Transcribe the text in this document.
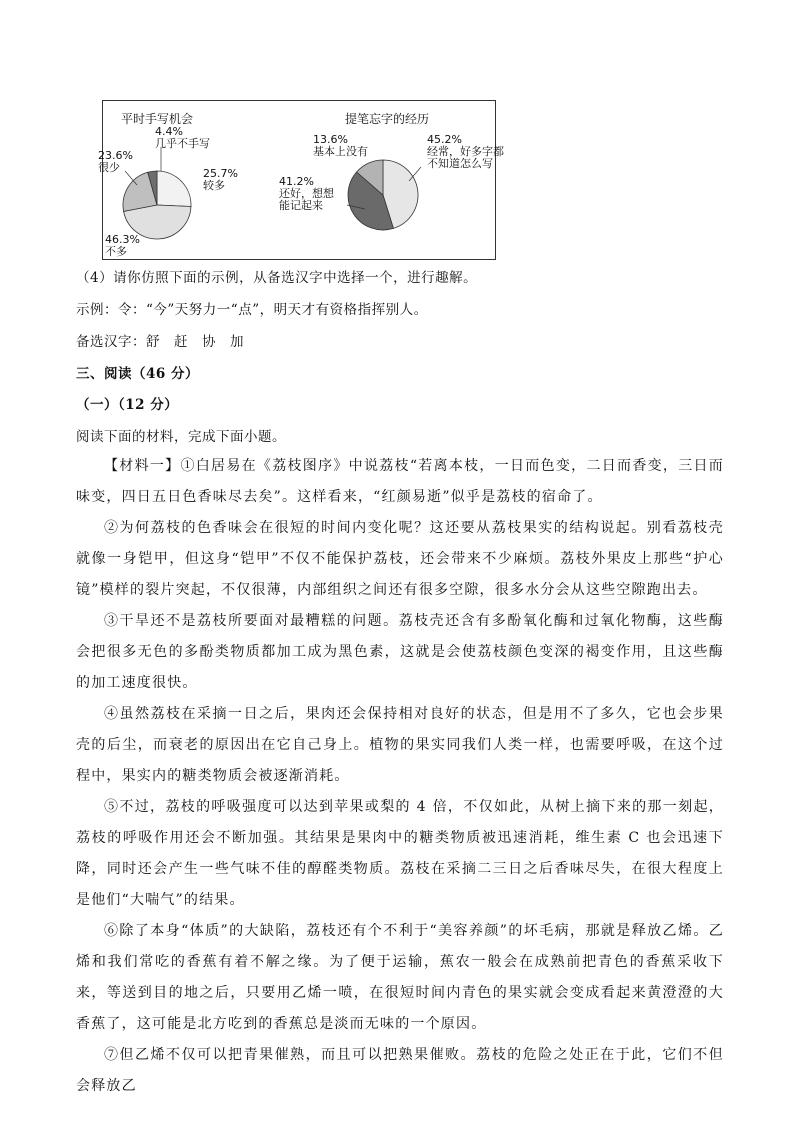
平时手写机会	提笔忘字的经历
25.7%较多
46.3%不多
23.6%很少
4.4%几乎不手写	45.2%经常，好多字都不知道怎么写
41.2%还好，想想能记起来
13.6%基本上没有
（4）请你仿照下面的示例，从备选汉字中选择一个，进行趣解。
示例：令：“今”天努力一“点”，明天才有资格指挥别人。
备选汉字：舒　赶　协　加
三、阅读（46 分）
（一）（12 分）
阅读下面的材料，完成下面小题。

【材料一】①白居易在《荔枝图序》中说荔枝“若离本枝，一日而色变，二日而香变，三日而味变，四日五日色香味尽去矣”。这样看来，“红颜易逝”似乎是荔枝的宿命了。

②为何荔枝的色香味会在很短的时间内变化呢？这还要从荔枝果实的结构说起。别看荔枝壳就像一身铠甲，但这身“铠甲”不仅不能保护荔枝，还会带来不少麻烦。荔枝外果皮上那些“护心镜”模样的裂片突起，不仅很薄，内部组织之间还有很多空隙，很多水分会从这些空隙跑出去。

③干旱还不是荔枝所要面对最糟糕的问题。荔枝壳还含有多酚氧化酶和过氧化物酶，这些酶会把很多无色的多酚类物质都加工成为黑色素，这就是会使荔枝颜色变深的褐变作用，且这些酶的加工速度很快。

④虽然荔枝在采摘一日之后，果肉还会保持相对良好的状态，但是用不了多久，它也会步果壳的后尘，而衰老的原因出在它自己身上。植物的果实同我们人类一样，也需要呼吸，在这个过程中，果实内的糖类物质会被逐渐消耗。

⑤不过，荔枝的呼吸强度可以达到苹果或梨的 4 倍，不仅如此，从树上摘下来的那一刻起，荔枝的呼吸作用还会不断加强。其结果是果肉中的糖类物质被迅速消耗，维生素 C 也会迅速下降，同时还会产生一些气味不佳的醇醛类物质。荔枝在采摘二三日之后香味尽失，在很大程度上是他们“大喘气”的结果。

⑥除了本身“体质”的大缺陷，荔枝还有个不利于“美容养颜”的坏毛病，那就是释放乙烯。乙烯和我们常吃的香蕉有着不解之缘。为了便于运输，蕉农一般会在成熟前把青色的香蕉采收下来，等送到目的地之后，只要用乙烯一喷，在很短时间内青色的果实就会变成看起来黄澄澄的大香蕉了，这可能是北方吃到的香蕉总是淡而无味的一个原因。

⑦但乙烯不仅可以把青果催熟，而且可以把熟果催败。荔枝的危险之处正在于此，它们不但会释放乙
